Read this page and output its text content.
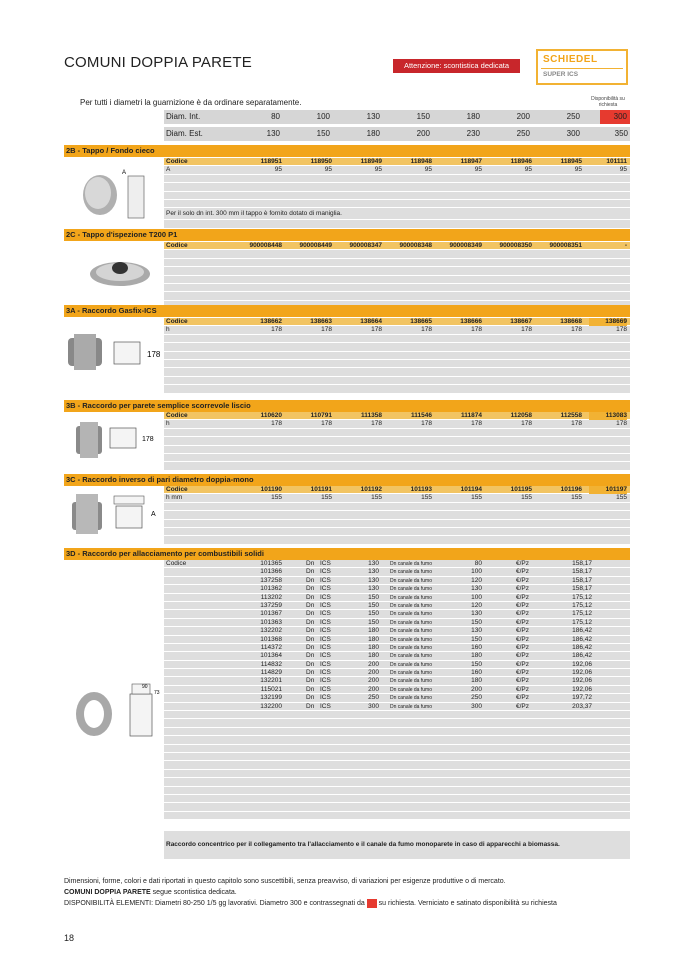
COMUNI DOPPIA PARETE	Attenzione: scontistica dedicata
SCHIEDEL
SUPER ICS
Per tutti i diametri la guarnizione è da ordinare separatamente.	Disponibilità su richiesta
Diam. Int.	80	100	130	150	180	200	250	300
Diam. Est.	130	150	180	200	230	250	300	350
2B - Tappo / Fondo cieco
A
Codice	118951	118950	118949	118948	118947	118946	118945	101111
A	95	95	95	95	95	95	95	95
Per il solo dn int. 300 mm il tappo è fornito dotato di maniglia.
2C - Tappo d'ispezione T200 P1
Codice	900008448	900008449	900008347	900008348	900008349	900008350	900008351	-
3A - Raccordo Gasfix-ICS
178
Codice	138662	138663	138664	138665	138666	138667	138668	138669
h	178	178	178	178	178	178	178	178
3B - Raccordo per parete semplice scorrevole liscio
178
Codice	110620	110791	111358	111546	111874	112058	112558	113083
h	178	178	178	178	178	178	178	178
3C - Raccordo inverso di pari diametro doppia-mono
A
Codice	101190	101191	101192	101193	101194	101195	101196	101197
h mm	155	155	155	155	155	155	155	155
3D - Raccordo per allacciamento per combustibili solidi
90
73
Codice	101365	Dn ICS	130 Dn canale da fumo	80	€/Pz	158,17
101366	Dn ICS	130 Dn canale da fumo	100	€/Pz	158,17
137258	Dn ICS	130 Dn canale da fumo	120	€/Pz	158,17
101362	Dn ICS	130 Dn canale da fumo	130	€/Pz	158,17
113202	Dn ICS	150 Dn canale da fumo	100	€/Pz	175,12
137259	Dn ICS	150 Dn canale da fumo	120	€/Pz	175,12
101367	Dn ICS	150 Dn canale da fumo	130	€/Pz	175,12
101363	Dn ICS	150 Dn canale da fumo	150	€/Pz	175,12
132202	Dn ICS	180 Dn canale da fumo	130	€/Pz	186,42
101368	Dn ICS	180 Dn canale da fumo	150	€/Pz	186,42
114372	Dn ICS	180 Dn canale da fumo	160	€/Pz	186,42
101364	Dn ICS	180 Dn canale da fumo	180	€/Pz	186,42
114832	Dn ICS	200 Dn canale da fumo	150	€/Pz	192,06
114829	Dn ICS	200 Dn canale da fumo	160	€/Pz	192,06
132201	Dn ICS	200 Dn canale da fumo	180	€/Pz	192,06
115021	Dn ICS	200 Dn canale da fumo	200	€/Pz	192,06
132199	Dn ICS	250 Dn canale da fumo	250	€/Pz	197,72
132200	Dn ICS	300 Dn canale da fumo	300	€/Pz	203,37
Raccordo concentrico per il collegamento tra l'allacciamento e il canale da fumo monoparete in caso di apparecchi a biomassa.
Dimensioni, forme, colori e dati riportati in questo capitolo sono suscettibili, senza preavviso, di variazioni per esigenze produttive o di mercato.
COMUNI DOPPIA PARETE segue scontistica dedicata.
DISPONIBILITÀ ELEMENTI: Diametri 80-250 1/5 gg lavorativi. Diametro 300 e contrassegnati da su richiesta. Verniciato e satinato disponibilità su richiesta
18
